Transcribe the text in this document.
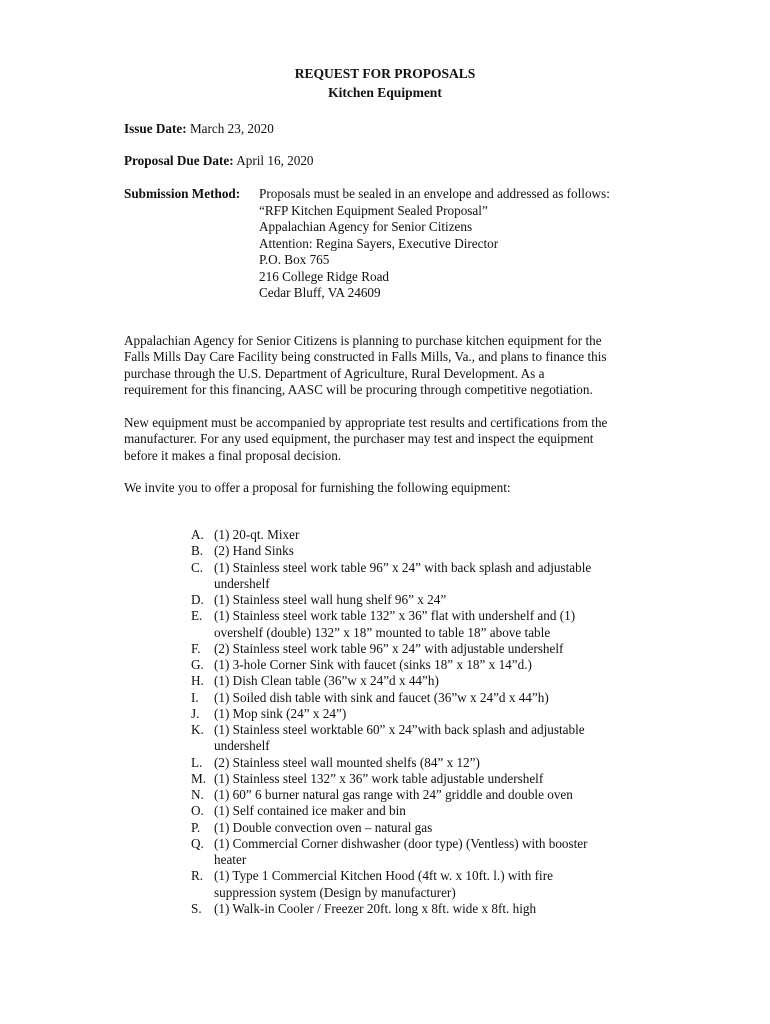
REQUEST FOR PROPOSALS
Kitchen Equipment
Issue Date: March 23, 2020
Proposal Due Date: April 16, 2020
Submission Method: Proposals must be sealed in an envelope and addressed as follows:
“RFP Kitchen Equipment Sealed Proposal”
Appalachian Agency for Senior Citizens
Attention: Regina Sayers, Executive Director
P.O. Box 765
216 College Ridge Road
Cedar Bluff, VA 24609

Appalachian Agency for Senior Citizens is planning to purchase kitchen equipment for the
Falls Mills Day Care Facility being constructed in Falls Mills, Va., and plans to finance this
purchase through the U.S. Department of Agriculture, Rural Development. As a
requirement for this financing, AASC will be procuring through competitive negotiation.

New equipment must be accompanied by appropriate test results and certifications from the
manufacturer. For any used equipment, the purchaser may test and inspect the equipment
before it makes a final proposal decision.

We invite you to offer a proposal for furnishing the following equipment:

A. (1) 20-qt. Mixer
B. (2) Hand Sinks
C. (1) Stainless steel work table 96” x 24” with back splash and adjustable
undershelf
D. (1) Stainless steel wall hung shelf 96” x 24”
E. (1) Stainless steel work table 132” x 36” flat with undershelf and (1)
overshelf (double) 132” x 18” mounted to table 18” above table
F. (2) Stainless steel work table 96” x 24” with adjustable undershelf
G. (1) 3-hole Corner Sink with faucet (sinks 18” x 18” x 14”d.)
H. (1) Dish Clean table (36”w x 24”d x 44”h)
I. (1) Soiled dish table with sink and faucet (36”w x 24”d x 44”h)
J. (1) Mop sink (24” x 24”)
K. (1) Stainless steel worktable 60” x 24”with back splash and adjustable
undershelf
L. (2) Stainless steel wall mounted shelfs (84” x 12”)
M. (1) Stainless steel 132” x 36” work table adjustable undershelf
N. (1) 60” 6 burner natural gas range with 24” griddle and double oven
O. (1) Self contained ice maker and bin
P. (1) Double convection oven – natural gas
Q. (1) Commercial Corner dishwasher (door type) (Ventless) with booster
heater
R. (1) Type 1 Commercial Kitchen Hood (4ft w. x 10ft. l.) with fire
suppression system (Design by manufacturer)
S. (1) Walk-in Cooler / Freezer 20ft. long x 8ft. wide x 8ft. high
